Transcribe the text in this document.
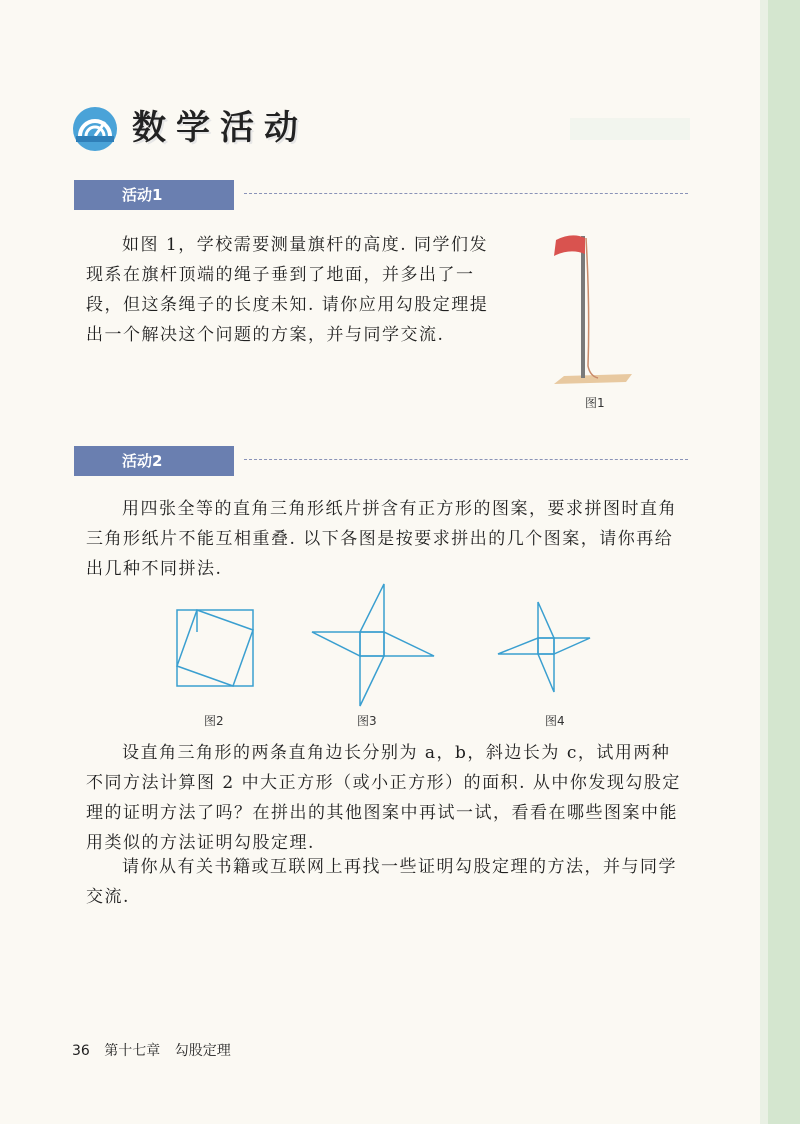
数学活动
活动1

如图 1，学校需要测量旗杆的高度. 同学们发

现系在旗杆顶端的绳子垂到了地面，并多出了一

段，但这条绳子的长度未知. 请你应用勾股定理提

出一个解决这个问题的方案，并与同学交流.

图1
活动2

用四张全等的直角三角形纸片拼含有正方形的图案，要求拼图时直角

三角形纸片不能互相重叠. 以下各图是按要求拼出的几个图案，请你再给

出几种不同拼法.

图2	图3	图4

设直角三角形的两条直角边长分别为 a，b，斜边长为 c，试用两种

不同方法计算图 2 中大正方形（或小正方形）的面积. 从中你发现勾股定

理的证明方法了吗？在拼出的其他图案中再试一试，看看在哪些图案中能

用类似的方法证明勾股定理.

请你从有关书籍或互联网上再找一些证明勾股定理的方法，并与同学

交流.

36 第十七章 勾股定理
